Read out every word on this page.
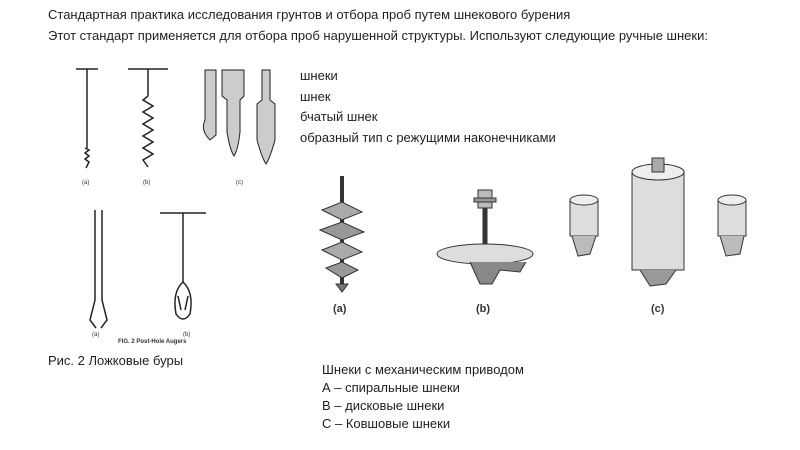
Стандартная практика исследования грунтов и отбора проб путем шнекового бурения
Этот стандарт применяется для отбора проб нарушенной структуры. Используют следующие ручные шнеки:
шнеки
шнек
бчатый шнек
образный тип с режущими наконечниками
(a)	(b)	(c)
(a)	(b)
FIG. 2 Post-Hole Augers
(a)	(b)	(c)
Рис. 2 Ложковые буры
Шнеки с механическим приводом
А – спиральные шнеки
В – дисковые шнеки
С – Ковшовые шнеки
